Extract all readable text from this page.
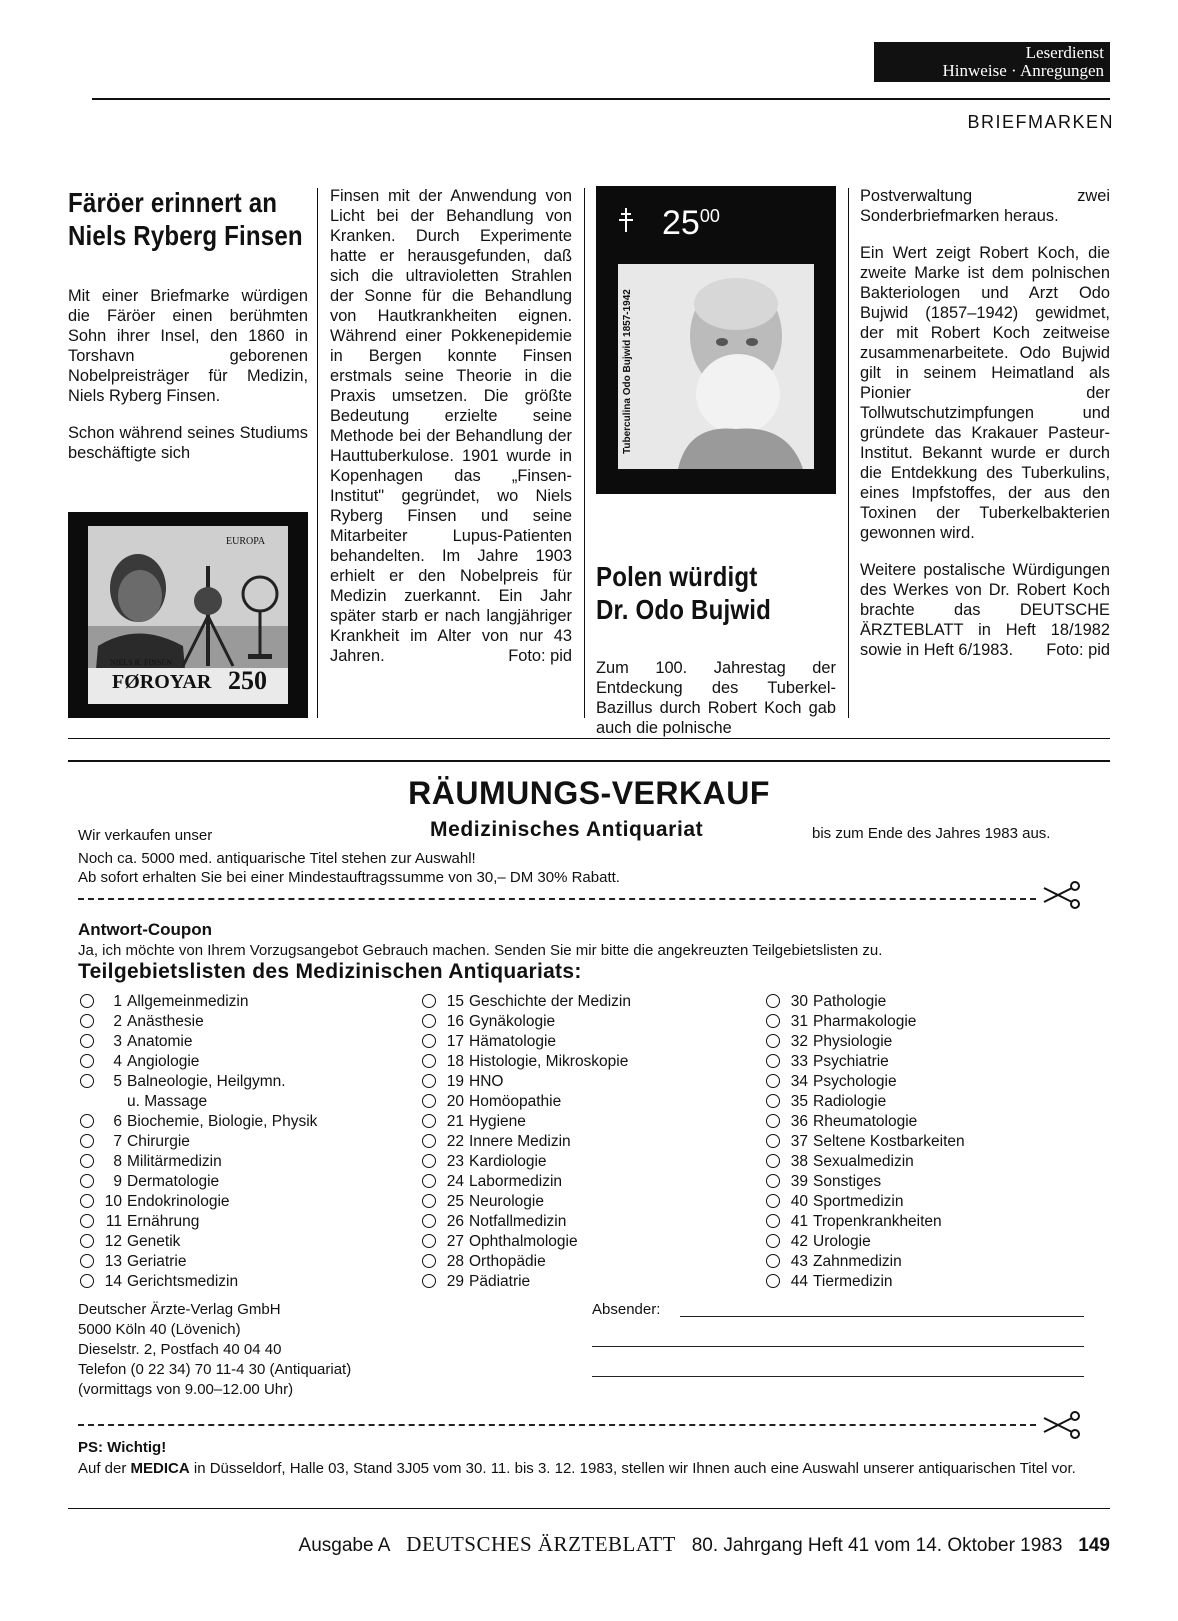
Leserdienst
Hinweise · Anregungen
BRIEFMARKEN
Färöer erinnert an
Niels Ryberg Finsen

Mit einer Briefmarke würdigen die Färöer einen berühmten Sohn ihrer Insel, den 1860 in Torshavn geborenen Nobelpreisträger für Medizin, Niels Ryberg Finsen.

Schon während seines Studiums beschäftigte sich

EUROPA
NIELS R. FINSEN
FØROYAR 250

Finsen mit der Anwendung von Licht bei der Behandlung von Kranken. Durch Experimente hatte er herausgefunden, daß sich die ultravioletten Strahlen der Sonne für die Behandlung von Hautkrankheiten eignen. Während einer Pokkenepidemie in Bergen konnte Finsen erstmals seine Theorie in die Praxis umsetzen. Die größte Bedeutung erzielte seine Methode bei der Behandlung der Hauttuberkulose. 1901 wurde in Kopenhagen das „Finsen-Institut" gegründet, wo Niels Ryberg Finsen und seine Mitarbeiter Lupus-Patienten behandelten. Im Jahre 1903 erhielt er den Nobelpreis für Medizin zuerkannt. Ein Jahr später starb er nach langjähriger Krankheit im Alter von nur 43 Jahren.	Foto: pid
Tuberculina Odo Bujwid 1857-1942
$25^{00}$
Polen würdigt
Dr. Odo Bujwid

Zum 100. Jahrestag der Entdeckung des Tuberkel-Bazillus durch Robert Koch gab auch die polnische

Postverwaltung zwei Sonderbriefmarken heraus.

Ein Wert zeigt Robert Koch, die zweite Marke ist dem polnischen Bakteriologen und Arzt Odo Bujwid (1857–1942) gewidmet, der mit Robert Koch zeitweise zusammenarbeitete. Odo Bujwid gilt in seinem Heimatland als Pionier der Tollwutschutzimpfungen und gründete das Krakauer Pasteur-Institut. Bekannt wurde er durch die Entdekkung des Tuberkulins, eines Impfstoffes, der aus den Toxinen der Tuberkelbakterien gewonnen wird.

Weitere postalische Würdigungen des Werkes von Dr. Robert Koch brachte das DEUTSCHE ÄRZTEBLATT in Heft 18/1982 sowie in Heft 6/1983.	Foto: pid
RÄUMUNGS-VERKAUF
Wir verkaufen unser	Medizinisches Antiquariat	bis zum Ende des Jahres 1983 aus.
Noch ca. 5000 med. antiquarische Titel stehen zur Auswahl!
Ab sofort erhalten Sie bei einer Mindestauftragssumme von 30,– DM 30% Rabatt.
Antwort-Coupon
Ja, ich möchte von Ihrem Vorzugsangebot Gebrauch machen. Senden Sie mir bitte die angekreuzten Teilgebietslisten zu.
Teilgebietslisten des Medizinischen Antiquariats:
1 Allgemeinmedizin
2 Anästhesie
3 Anatomie
4 Angiologie
5 Balneologie, Heilgymn.
u. Massage
6 Biochemie, Biologie, Physik
7 Chirurgie
8 Militärmedizin
9 Dermatologie
10 Endokrinologie
11 Ernährung
12 Genetik
13 Geriatrie
14 Gerichtsmedizin
15 Geschichte der Medizin
16 Gynäkologie
17 Hämatologie
18 Histologie, Mikroskopie
19 HNO
20 Homöopathie
21 Hygiene
22 Innere Medizin
23 Kardiologie
24 Labormedizin
25 Neurologie
26 Notfallmedizin
27 Ophthalmologie
28 Orthopädie
29 Pädiatrie
30 Pathologie
31 Pharmakologie
32 Physiologie
33 Psychiatrie
34 Psychologie
35 Radiologie
36 Rheumatologie
37 Seltene Kostbarkeiten
38 Sexualmedizin
39 Sonstiges
40 Sportmedizin
41 Tropenkrankheiten
42 Urologie
43 Zahnmedizin
44 Tiermedizin
Deutscher Ärzte-Verlag GmbH
5000 Köln 40 (Lövenich)
Dieselstr. 2, Postfach 40 04 40
Telefon (0 22 34) 70 11-4 30 (Antiquariat)
(vormittags von 9.00–12.00 Uhr)
Absender:
PS: Wichtig!
Auf der MEDICA in Düsseldorf, Halle 03, Stand 3J05 vom 30. 11. bis 3. 12. 1983, stellen wir Ihnen auch eine Auswahl unserer antiquarischen Titel vor.
Ausgabe A DEUTSCHES ÄRZTEBLATT 80. Jahrgang Heft 41 vom 14. Oktober 1983 149
